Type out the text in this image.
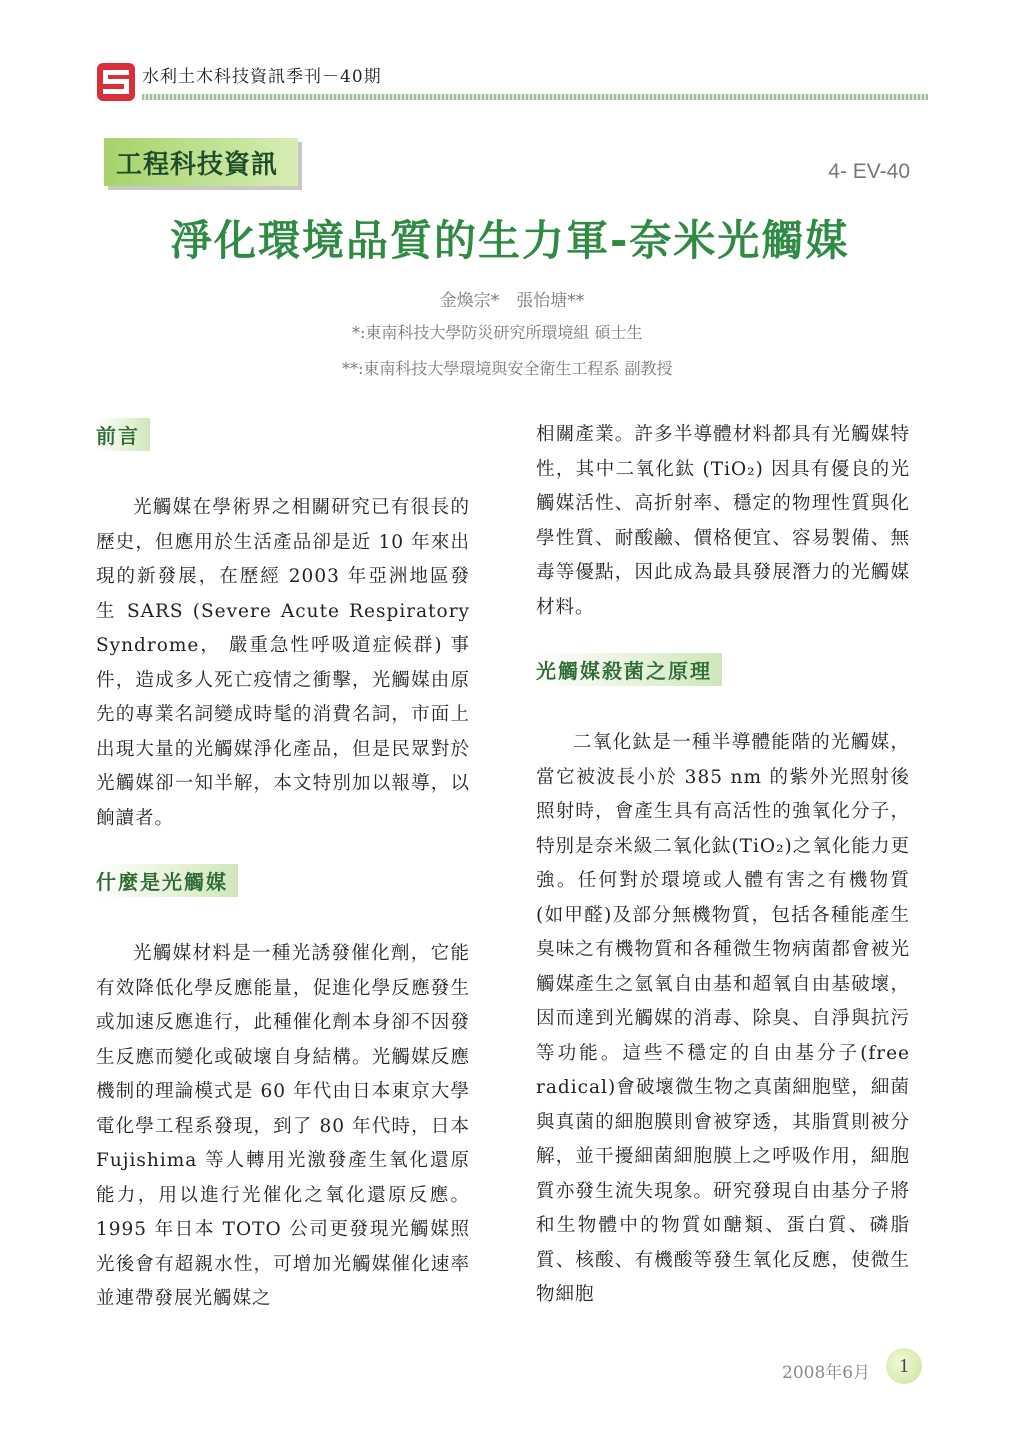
水利土木科技資訊季刊－40期
工程科技資訊	4- EV-40
淨化環境品質的生力軍-奈米光觸媒
金煥宗*　張怡塘**
*:東南科技大學防災研究所環境組 碩士生
**:東南科技大學環境與安全衛生工程系 副教授
前言

光觸媒在學術界之相關研究已有很長的歷史，但應用於生活產品卻是近 10 年來出現的新發展，在歷經 2003 年亞洲地區發生 SARS (Severe Acute Respiratory Syndrome， 嚴重急性呼吸道症候群) 事件，造成多人死亡疫情之衝擊，光觸媒由原先的專業名詞變成時髦的消費名詞，市面上出現大量的光觸媒淨化產品，但是民眾對於光觸媒卻一知半解，本文特別加以報導，以餉讀者。

什麼是光觸媒

光觸媒材料是一種光誘發催化劑，它能有效降低化學反應能量，促進化學反應發生或加速反應進行，此種催化劑本身卻不因發生反應而變化或破壞自身結構。光觸媒反應機制的理論模式是 60 年代由日本東京大學電化學工程系發現，到了 80 年代時，日本 Fujishima 等人轉用光激發產生氧化還原能力，用以進行光催化之氧化還原反應。1995 年日本 TOTO 公司更發現光觸媒照光後會有超親水性，可增加光觸媒催化速率並連帶發展光觸媒之

相關產業。許多半導體材料都具有光觸媒特性，其中二氧化鈦 (TiO₂) 因具有優良的光觸媒活性、高折射率、穩定的物理性質與化學性質、耐酸鹼、價格便宜、容易製備、無毒等優點，因此成為最具發展潛力的光觸媒材料。

光觸媒殺菌之原理

二氧化鈦是一種半導體能階的光觸媒，當它被波長小於 385 nm 的紫外光照射後照射時，會產生具有高活性的強氧化分子，特別是奈米級二氧化鈦(TiO₂)之氧化能力更強。任何對於環境或人體有害之有機物質(如甲醛)及部分無機物質，包括各種能產生臭味之有機物質和各種微生物病菌都會被光觸媒產生之氫氧自由基和超氧自由基破壞，因而達到光觸媒的消毒、除臭、自淨與抗污等功能。這些不穩定的自由基分子(free radical)會破壞微生物之真菌細胞壁，細菌與真菌的細胞膜則會被穿透，其脂質則被分解，並干擾細菌細胞膜上之呼吸作用，細胞質亦發生流失現象。研究發現自由基分子將和生物體中的物質如醣類、蛋白質、磷脂質、核酸、有機酸等發生氧化反應，使微生物細胞

2008年6月	1
